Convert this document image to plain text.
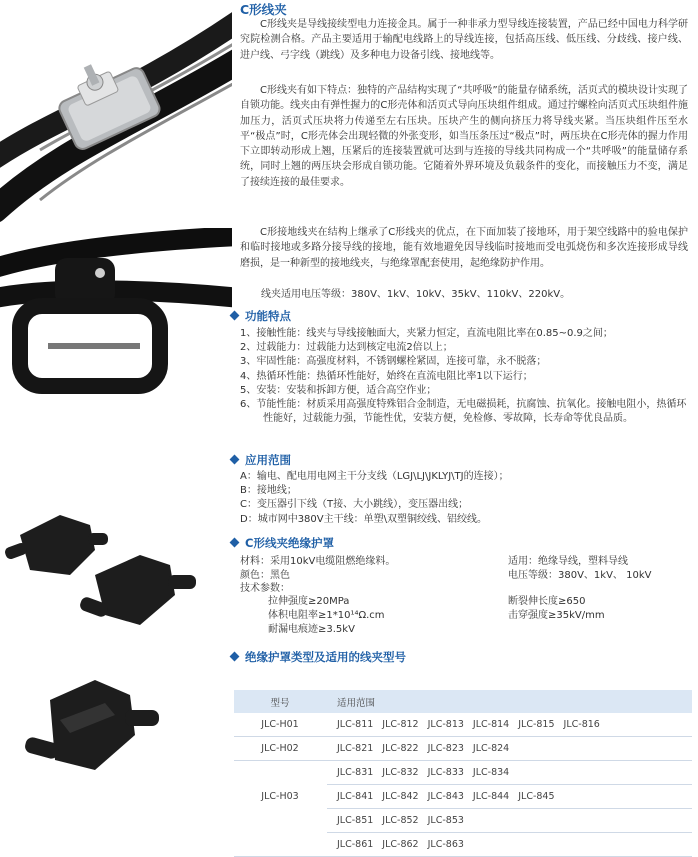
C形线夹

C形线夹是导线接续型电力连接金具。属于一种非承力型导线连接装置，产品已经中国电力科学研究院检测合格。产品主要适用于输配电线路上的导线连接，包括高压线、低压线、分歧线、接户线、进户线、弓字线（跳线）及多种电力设备引线、接地线等。

C形线夹有如下特点：独特的产品结构实现了“共呼吸”的能量存储系统，活页式的模块设计实现了自锁功能。线夹由有弹性握力的C形壳体和活页式导向压块组件组成。通过拧螺栓向活页式压块组件施加压力，活页式压块将力传递至左右压块。压块产生的侧向挤压力将导线夹紧。当压块组件压至水平“极点”时，C形壳体会出现轻微的外张变形，如当压条压过“极点”时，两压块在C形壳体的握力作用下立即转动形成上翘，压紧后的连接装置就可达到与连接的导线共同构成一个“共呼吸”的能量储存系统，同时上翘的两压块会形成自锁功能。它随着外界环境及负载条件的变化，而接触压力不变，满足了接续连接的最佳要求。

C形接地线夹在结构上继承了C形线夹的优点，在下面加装了接地环，用于架空线路中的验电保护和临时接地或多路分接导线的接地，能有效地避免因导线临时接地而受电弧烧伤和多次连接形成导线磨损，是一种新型的接地线夹，与绝缘罩配套使用，起绝缘防护作用。

线夹适用电压等级：380V、1kV、10kV、35kV、110kV、220kV。

功能特点
1、接触性能：线夹与导线接触面大，夹紧力恒定，直流电阻比率在0.85~0.9之间；
2、过载能力：过载能力达到核定电流2倍以上；
3、牢固性能：高强度材料，不锈钢螺栓紧固，连接可靠，永不脱落；
4、热循环性能：热循环性能好，始终在直流电阻比率1以下运行；
5、安装：安装和拆卸方便，适合高空作业；
6、节能性能：材质采用高强度特殊铝合金制造，无电磁损耗，抗腐蚀、抗氧化。接触电阻小，热循环性能好，过载能力强，节能性优，安装方便，免检修、零故障，长寿命等优良品质。
应用范围
A：输电、配电用电网主干分支线（LGJ\LJ\JKLYJ\TJ的连接）；
B：接地线；
C：变压器引下线（T接、大小跳线），变压器出线；
D：城市网中380V主干线：单塑\双塑铜绞线、铝绞线。
C形线夹绝缘护罩

材料：采用10kV电缆阻燃绝缘料。

颜色：黑色

技术参数：

拉伸强度≥20MPa

体积电阻率≥1*10¹⁴Ω.cm

耐漏电痕迹≥3.5kV

适用：绝缘导线，塑料导线

电压等级：380V、1kV、 10kV

断裂伸长度≥650

击穿强度≥35kV/mm

绝缘护罩类型及适用的线夹型号
型号	适用范围
JLC-H01	JLC-811 JLC-812 JLC-813 JLC-814 JLC-815 JLC-816
JLC-H02	JLC-821 JLC-822 JLC-823 JLC-824
	JLC-831 JLC-832 JLC-833 JLC-834
JLC-H03	JLC-841 JLC-842 JLC-843 JLC-844 JLC-845
	JLC-851 JLC-852 JLC-853
	JLC-861 JLC-862 JLC-863
